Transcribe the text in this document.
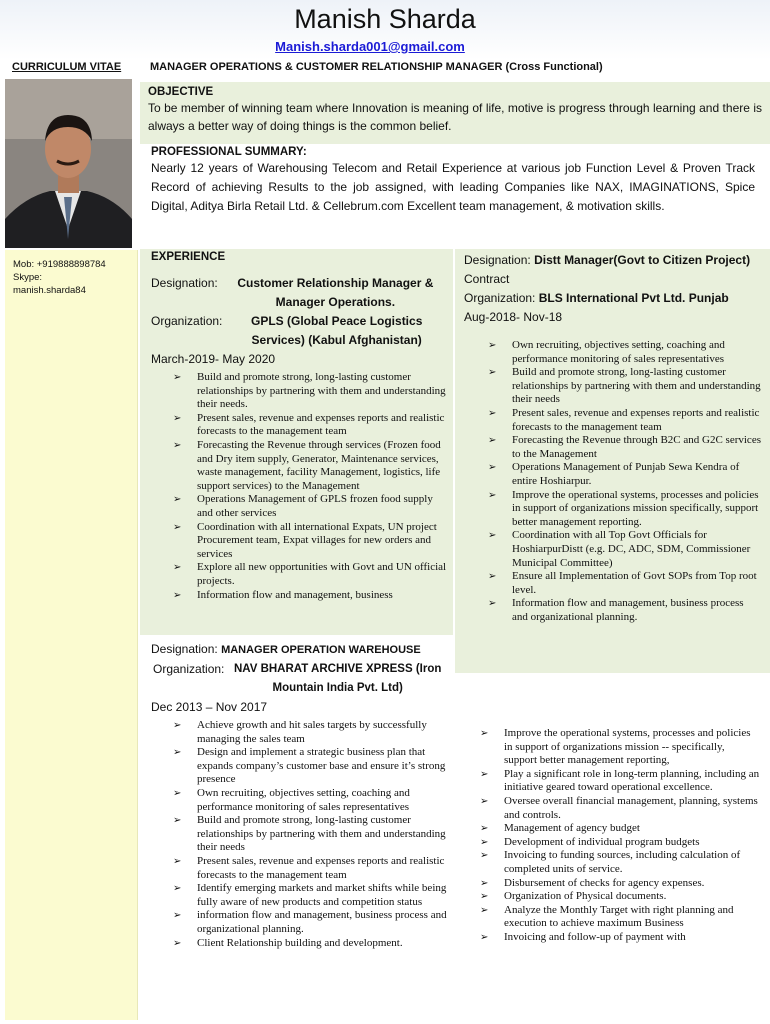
Manish Sharda
Manish.sharda001@gmail.com
CURRICULUM VITAE	MANAGER OPERATIONS & CUSTOMER RELATIONSHIP MANAGER (Cross Functional)
Mob: +919888898784
Skype:
manish.sharda84
OBJECTIVE
To be member of winning team where Innovation is meaning of life, motive is progress through learning and there is always a better way of doing things is the common belief.
PROFESSIONAL SUMMARY:
Nearly 12 years of Warehousing Telecom and Retail Experience at various job Function Level & Proven Track Record of achieving Results to the job assigned, with leading Companies like NAX, IMAGINATIONS, Spice Digital, Aditya Birla Retail Ltd. & Cellebrum.com Excellent team management, & motivation skills.
EXPERIENCE
Designation:	Customer Relationship Manager & Manager Operations.
Organization:	GPLS (Global Peace Logistics Services) (Kabul Afghanistan)
March-2019- May 2020
➢ Build and promote strong, long-lasting customer relationships by partnering with them and understanding their needs.
➢ Present sales, revenue and expenses reports and realistic forecasts to the management team
➢ Forecasting the Revenue through services (Frozen food and Dry item supply, Generator, Maintenance services, waste management, facility Management, logistics, life support services) to the Management
➢ Operations Management of GPLS frozen food supply and other services
➢ Coordination with all international Expats, UN project Procurement team, Expat villages for new orders and services
➢ Explore all new opportunities with Govt and UN official projects.
➢ Information flow and management, business
Designation: Distt Manager(Govt to Citizen Project) Contract
Organization: BLS International Pvt Ltd. Punjab
Aug-2018- Nov-18
➢ Own recruiting, objectives setting, coaching and performance monitoring of sales representatives
➢ Build and promote strong, long-lasting customer relationships by partnering with them and understanding their needs
➢ Present sales, revenue and expenses reports and realistic forecasts to the management team
➢ Forecasting the Revenue through B2C and G2C services to the Management
➢ Operations Management of Punjab Sewa Kendra of entire Hoshiarpur.
➢ Improve the operational systems, processes and policies in support of organizations mission specifically, support better management reporting.
➢ Coordination with all Top Govt Officials for HoshiarpurDistt (e.g. DC, ADC, SDM, Commissioner Municipal Committee)
➢ Ensure all Implementation of Govt SOPs from Top root level.
➢ Information flow and management, business process and organizational planning.
Designation: MANAGER OPERATION WAREHOUSE
Organization: NAV BHARAT ARCHIVE XPRESS (Iron Mountain India Pvt. Ltd)
Dec 2013 – Nov 2017
➢ Achieve growth and hit sales targets by successfully managing the sales team
➢ Design and implement a strategic business plan that expands company’s customer base and ensure it’s strong presence
➢ Own recruiting, objectives setting, coaching and performance monitoring of sales representatives
➢ Build and promote strong, long-lasting customer relationships by partnering with them and understanding their needs
➢ Present sales, revenue and expenses reports and realistic forecasts to the management team
➢ Identify emerging markets and market shifts while being fully aware of new products and competition status
➢ information flow and management, business process and organizational planning.
➢ Client Relationship building and development.
➢ Improve the operational systems, processes and policies in support of organizations mission -- specifically, support better management reporting,
➢ Play a significant role in long-term planning, including an initiative geared toward operational excellence.
➢ Oversee overall financial management, planning, systems and controls.
➢ Management of agency budget
➢ Development of individual program budgets
➢ Invoicing to funding sources, including calculation of completed units of service.
➢ Disbursement of checks for agency expenses.
➢ Organization of Physical documents.
➢ Analyze the Monthly Target with right planning and execution to achieve maximum Business
➢ Invoicing and follow-up of payment with
